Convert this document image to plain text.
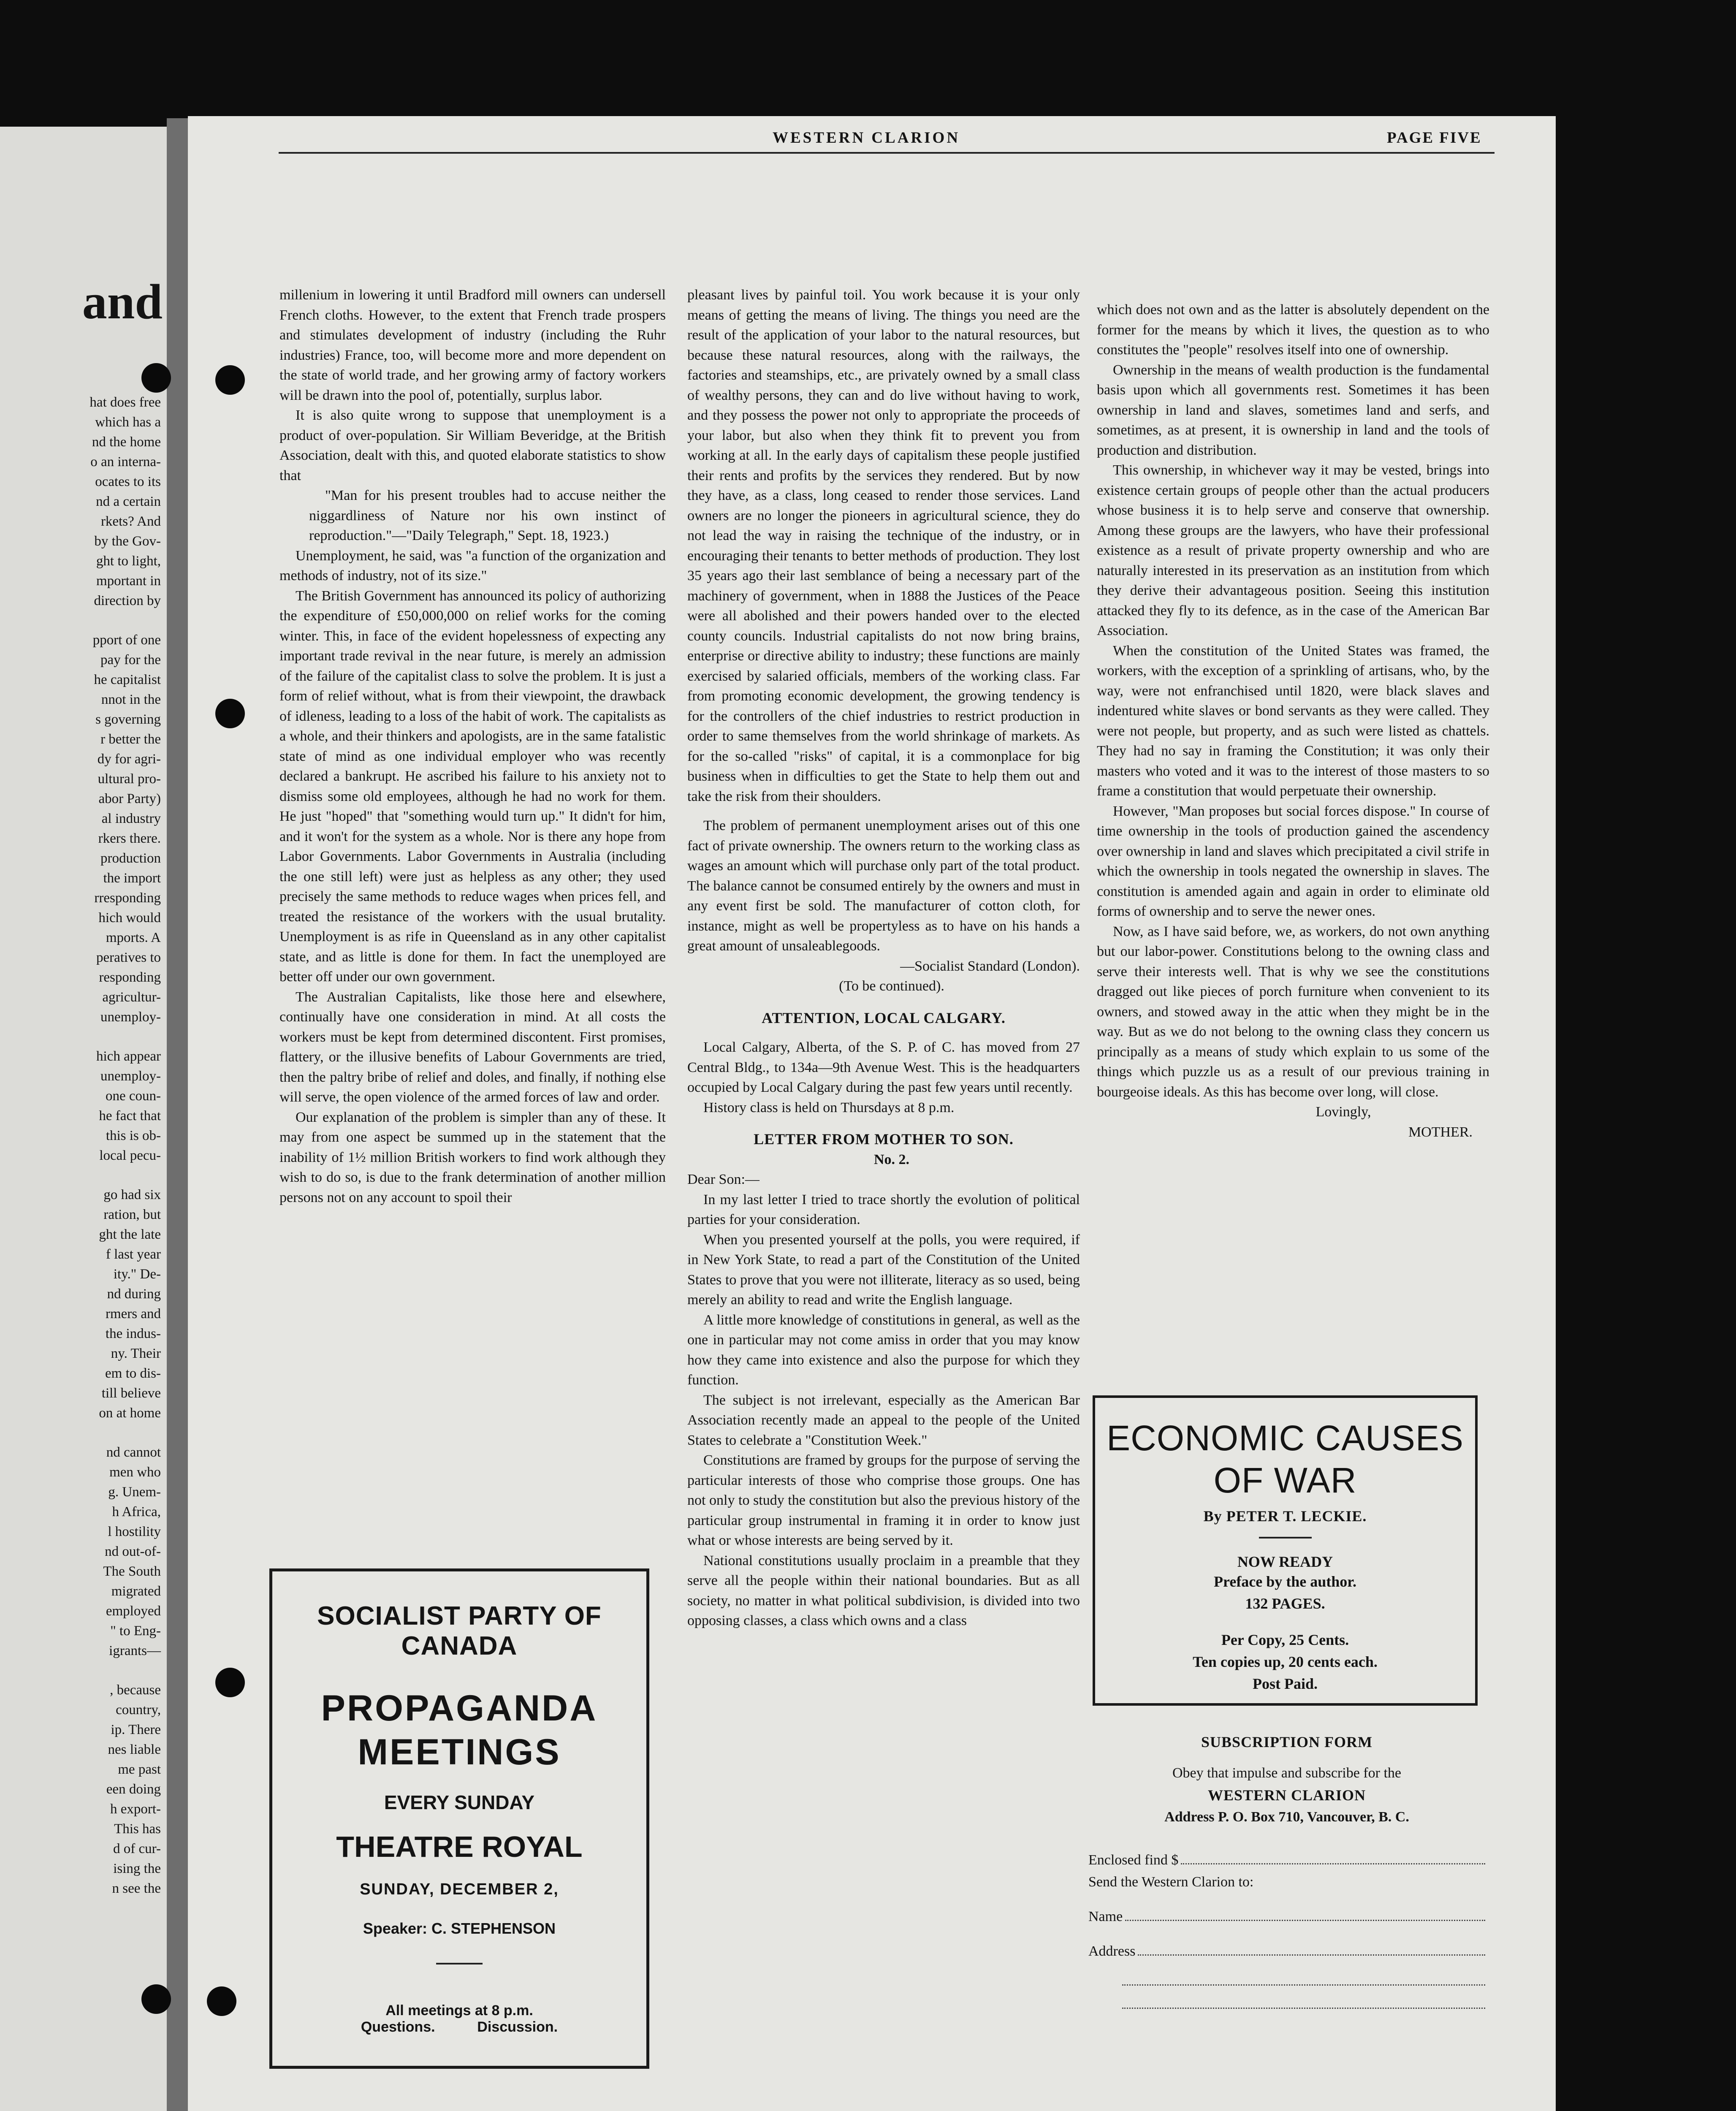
and
hat does free
which has a
nd the home
o an interna-
ocates to its
nd a certain
rkets? And
by the Gov-
ght to light,
mportant in
direction by
pport of one
pay for the
he capitalist
nnot in the
s governing
r better the
dy for agri-
ultural pro-
abor Party)
al industry
rkers there.
production
the import
rresponding
hich would
mports. A
peratives to
responding
agricultur-
unemploy-
hich appear
unemploy-
one coun-
he fact that
this is ob-
local pecu-
go had six
ration, but
ght the late
f last year
ity." De-
nd during
rmers and
the indus-
ny. Their
em to dis-
till believe
on at home
nd cannot
men who
g. Unem-
h Africa,
l hostility
nd out-of-
The South
migrated
employed
" to Eng-
igrants—
, because
country,
ip. There
nes liable
me past
een doing
h export-
This has
d of cur-
ising the
n see the
WESTERN CLARION	PAGE FIVE

millenium in lowering it until Bradford mill owners can undersell French cloths. However, to the extent that French trade prospers and stimulates development of industry (including the Ruhr industries) France, too, will become more and more dependent on the state of world trade, and her growing army of factory workers will be drawn into the pool of, potentially, surplus labor.

It is also quite wrong to suppose that unemployment is a product of over-population. Sir William Beveridge, at the British Association, dealt with this, and quoted elaborate statistics to show that

"Man for his present troubles had to accuse neither the niggardliness of Nature nor his own instinct of reproduction."—"Daily Telegraph," Sept. 18, 1923.)

Unemployment, he said, was "a function of the organization and methods of industry, not of its size."

The British Government has announced its policy of authorizing the expenditure of £50,000,000 on relief works for the coming winter. This, in face of the evident hopelessness of expecting any important trade revival in the near future, is merely an admission of the failure of the capitalist class to solve the problem. It is just a form of relief without, what is from their viewpoint, the drawback of idleness, leading to a loss of the habit of work. The capitalists as a whole, and their thinkers and apologists, are in the same fatalistic state of mind as one individual employer who was recently declared a bankrupt. He ascribed his failure to his anxiety not to dismiss some old employees, although he had no work for them. He just "hoped" that "something would turn up." It didn't for him, and it won't for the system as a whole. Nor is there any hope from Labor Governments. Labor Governments in Australia (including the one still left) were just as helpless as any other; they used precisely the same methods to reduce wages when prices fell, and treated the resistance of the workers with the usual brutality. Unemployment is as rife in Queensland as in any other capitalist state, and as little is done for them. In fact the unemployed are better off under our own government.

The Australian Capitalists, like those here and elsewhere, continually have one consideration in mind. At all costs the workers must be kept from determined discontent. First promises, flattery, or the illusive benefits of Labour Governments are tried, then the paltry bribe of relief and doles, and finally, if nothing else will serve, the open violence of the armed forces of law and order.

Our explanation of the problem is simpler than any of these. It may from one aspect be summed up in the statement that the inability of 1½ million British workers to find work although they wish to do so, is due to the frank determination of another million persons not on any account to spoil their

SOCIALIST PARTY OF CANADA
PROPAGANDA MEETINGS
EVERY SUNDAY
THEATRE ROYAL
SUNDAY, DECEMBER 2,
Speaker: C. STEPHENSON
All meetings at 8 p.m.
Questions.	Discussion.

pleasant lives by painful toil. You work because it is your only means of getting the means of living. The things you need are the result of the application of your labor to the natural resources, but because these natural resources, along with the railways, the factories and steamships, etc., are privately owned by a small class of wealthy persons, they can and do live without having to work, and they possess the power not only to appropriate the proceeds of your labor, but also when they think fit to prevent you from working at all. In the early days of capitalism these people justified their rents and profits by the services they rendered. But by now they have, as a class, long ceased to render those services. Land owners are no longer the pioneers in agricultural science, they do not lead the way in raising the technique of the industry, or in encouraging their tenants to better methods of production. They lost 35 years ago their last semblance of being a necessary part of the machinery of government, when in 1888 the Justices of the Peace were all abolished and their powers handed over to the elected county councils. Industrial capitalists do not now bring brains, enterprise or directive ability to industry; these functions are mainly exercised by salaried officials, members of the working class. Far from promoting economic development, the growing tendency is for the controllers of the chief industries to restrict production in order to same themselves from the world shrinkage of markets. As for the so-called "risks" of capital, it is a commonplace for big business when in difficulties to get the State to help them out and take the risk from their shoulders.

The problem of permanent unemployment arises out of this one fact of private ownership. The owners return to the working class as wages an amount which will purchase only part of the total product. The balance cannot be consumed entirely by the owners and must in any event first be sold. The manufacturer of cotton cloth, for instance, might as well be propertyless as to have on his hands a great amount of unsaleablegoods.

—Socialist Standard (London).

(To be continued).

ATTENTION, LOCAL CALGARY.

Local Calgary, Alberta, of the S. P. of C. has moved from 27 Central Bldg., to 134a—9th Avenue West. This is the headquarters occupied by Local Calgary during the past few years until recently.

History class is held on Thursdays at 8 p.m.

LETTER FROM MOTHER TO SON.

No. 2.

Dear Son:—

In my last letter I tried to trace shortly the evolution of political parties for your consideration.

When you presented yourself at the polls, you were required, if in New York State, to read a part of the Constitution of the United States to prove that you were not illiterate, literacy as so used, being merely an ability to read and write the English language.

A little more knowledge of constitutions in general, as well as the one in particular may not come amiss in order that you may know how they came into existence and also the purpose for which they function.

The subject is not irrelevant, especially as the American Bar Association recently made an appeal to the people of the United States to celebrate a "Constitution Week."

Constitutions are framed by groups for the purpose of serving the particular interests of those who comprise those groups. One has not only to study the constitution but also the previous history of the particular group instrumental in framing it in order to know just what or whose interests are being served by it.

National constitutions usually proclaim in a preamble that they serve all the people within their national boundaries. But as all society, no matter in what political subdivision, is divided into two opposing classes, a class which owns and a class

which does not own and as the latter is absolutely dependent on the former for the means by which it lives, the question as to who constitutes the "people" resolves itself into one of ownership.

Ownership in the means of wealth production is the fundamental basis upon which all governments rest. Sometimes it has been ownership in land and slaves, sometimes land and serfs, and sometimes, as at present, it is ownership in land and the tools of production and distribution.

This ownership, in whichever way it may be vested, brings into existence certain groups of people other than the actual producers whose business it is to help serve and conserve that ownership. Among these groups are the lawyers, who have their professional existence as a result of private property ownership and who are naturally interested in its preservation as an institution from which they derive their advantageous position. Seeing this institution attacked they fly to its defence, as in the case of the American Bar Association.

When the constitution of the United States was framed, the workers, with the exception of a sprinkling of artisans, who, by the way, were not enfranchised until 1820, were black slaves and indentured white slaves or bond servants as they were called. They were not people, but property, and as such were listed as chattels. They had no say in framing the Constitution; it was only their masters who voted and it was to the interest of those masters to so frame a constitution that would perpetuate their ownership.

However, "Man proposes but social forces dispose." In course of time ownership in the tools of production gained the ascendency over ownership in land and slaves which precipitated a civil strife in which the ownership in tools negated the ownership in slaves. The constitution is amended again and again in order to eliminate old forms of ownership and to serve the newer ones.

Now, as I have said before, we, as workers, do not own anything but our labor-power. Constitutions belong to the owning class and serve their interests well. That is why we see the constitutions dragged out like pieces of porch furniture when convenient to its owners, and stowed away in the attic when they might be in the way. But as we do not belong to the owning class they concern us principally as a means of study which explain to us some of the things which puzzle us as a result of our previous training in bourgeoise ideals. As this has become over long, will close.

Lovingly,

MOTHER.

ECONOMIC CAUSES OF WAR
By PETER T. LECKIE.
NOW READY
Preface by the author.
132 PAGES.
Per Copy, 25 Cents.
Ten copies up, 20 cents each.
Post Paid.
SUBSCRIPTION FORM
Obey that impulse and subscribe for the
WESTERN CLARION
Address P. O. Box 710, Vancouver, B. C.
Enclosed find $
Send the Western Clarion to:
Name
Address
